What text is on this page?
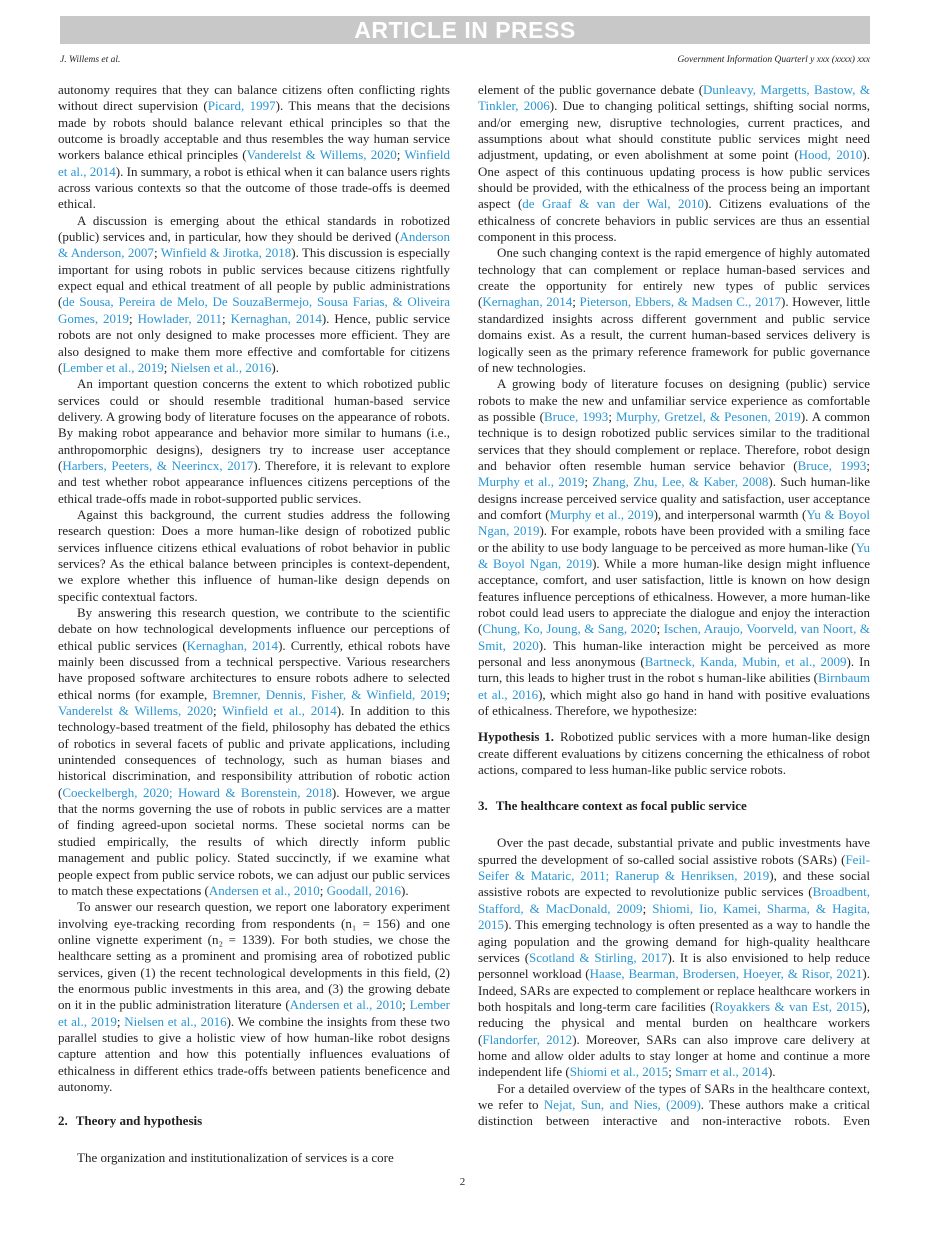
ARTICLE IN PRESS
J. Willems et al.	Government Information Quarterl y xxx (xxxx) xxx

autonomy requires that they can balance citizens often conflicting rights without direct supervision (Picard, 1997). This means that the decisions made by robots should balance relevant ethical principles so that the outcome is broadly acceptable and thus resembles the way human service workers balance ethical principles (Vanderelst & Willems, 2020; Winfield et al., 2014). In summary, a robot is ethical when it can balance users rights across various contexts so that the outcome of those trade-offs is deemed ethical.

A discussion is emerging about the ethical standards in robotized (public) services and, in particular, how they should be derived (Anderson & Anderson, 2007; Winfield & Jirotka, 2018). This discussion is especially important for using robots in public services because citizens rightfully expect equal and ethical treatment of all people by public administrations (de Sousa, Pereira de Melo, De SouzaBermejo, Sousa Farias, & Oliveira Gomes, 2019; Howlader, 2011; Kernaghan, 2014). Hence, public service robots are not only designed to make processes more efficient. They are also designed to make them more effective and comfortable for citizens (Lember et al., 2019; Nielsen et al., 2016).

An important question concerns the extent to which robotized public services could or should resemble traditional human-based service delivery. A growing body of literature focuses on the appearance of robots. By making robot appearance and behavior more similar to humans (i.e., anthropomorphic designs), designers try to increase user acceptance (Harbers, Peeters, & Neerincx, 2017). Therefore, it is relevant to explore and test whether robot appearance influences citizens perceptions of the ethical trade-offs made in robot-supported public services.

Against this background, the current studies address the following research question: Does a more human-like design of robotized public services influence citizens ethical evaluations of robot behavior in public services? As the ethical balance between principles is context-dependent, we explore whether this influence of human-like design depends on specific contextual factors.

By answering this research question, we contribute to the scientific debate on how technological developments influence our perceptions of ethical public services (Kernaghan, 2014). Currently, ethical robots have mainly been discussed from a technical perspective. Various researchers have proposed software architectures to ensure robots adhere to selected ethical norms (for example, Bremner, Dennis, Fisher, & Winfield, 2019; Vanderelst & Willems, 2020; Winfield et al., 2014). In addition to this technology-based treatment of the field, philosophy has debated the ethics of robotics in several facets of public and private applications, including unintended consequences of technology, such as human biases and historical discrimination, and responsibility attribution of robotic action (Coeckelbergh, 2020; Howard & Borenstein, 2018). However, we argue that the norms governing the use of robots in public services are a matter of finding agreed-upon societal norms. These societal norms can be studied empirically, the results of which directly inform public management and public policy. Stated succinctly, if we examine what people expect from public service robots, we can adjust our public services to match these expectations (Andersen et al., 2010; Goodall, 2016).

To answer our research question, we report one laboratory experiment involving eye-tracking recording from respondents (n₁ = 156) and one online vignette experiment (n₂ = 1339). For both studies, we chose the healthcare setting as a prominent and promising area of robotized public services, given (1) the recent technological developments in this field, (2) the enormous public investments in this area, and (3) the growing debate on it in the public administration literature (Andersen et al., 2010; Lember et al., 2019; Nielsen et al., 2016). We combine the insights from these two parallel studies to give a holistic view of how human-like robot designs capture attention and how this potentially influences evaluations of ethicalness in different ethics trade-offs between patients beneficence and autonomy.

2. Theory and hypothesis

The organization and institutionalization of services is a core

element of the public governance debate (Dunleavy, Margetts, Bastow, & Tinkler, 2006). Due to changing political settings, shifting social norms, and/or emerging new, disruptive technologies, current practices, and assumptions about what should constitute public services might need adjustment, updating, or even abolishment at some point (Hood, 2010). One aspect of this continuous updating process is how public services should be provided, with the ethicalness of the process being an important aspect (de Graaf & van der Wal, 2010). Citizens evaluations of the ethicalness of concrete behaviors in public services are thus an essential component in this process.

One such changing context is the rapid emergence of highly automated technology that can complement or replace human-based services and create the opportunity for entirely new types of public services (Kernaghan, 2014; Pieterson, Ebbers, & Madsen C., 2017). However, little standardized insights across different government and public service domains exist. As a result, the current human-based services delivery is logically seen as the primary reference framework for public governance of new technologies.

A growing body of literature focuses on designing (public) service robots to make the new and unfamiliar service experience as comfortable as possible (Bruce, 1993; Murphy, Gretzel, & Pesonen, 2019). A common technique is to design robotized public services similar to the traditional services that they should complement or replace. Therefore, robot design and behavior often resemble human service behavior (Bruce, 1993; Murphy et al., 2019; Zhang, Zhu, Lee, & Kaber, 2008). Such human-like designs increase perceived service quality and satisfaction, user acceptance and comfort (Murphy et al., 2019), and interpersonal warmth (Yu & Boyol Ngan, 2019). For example, robots have been provided with a smiling face or the ability to use body language to be perceived as more human-like (Yu & Boyol Ngan, 2019). While a more human-like design might influence acceptance, comfort, and user satisfaction, little is known on how design features influence perceptions of ethicalness. However, a more human-like robot could lead users to appreciate the dialogue and enjoy the interaction (Chung, Ko, Joung, & Sang, 2020; Ischen, Araujo, Voorveld, van Noort, & Smit, 2020). This human-like interaction might be perceived as more personal and less anonymous (Bartneck, Kanda, Mubin, et al., 2009). In turn, this leads to higher trust in the robot s human-like abilities (Birnbaum et al., 2016), which might also go hand in hand with positive evaluations of ethicalness. Therefore, we hypothesize:

Hypothesis 1. Robotized public services with a more human-like design create different evaluations by citizens concerning the ethicalness of robot actions, compared to less human-like public service robots.

3. The healthcare context as focal public service

Over the past decade, substantial private and public investments have spurred the development of so-called social assistive robots (SARs) (Feil-Seifer & Mataric, 2011; Ranerup & Henriksen, 2019), and these social assistive robots are expected to revolutionize public services (Broadbent, Stafford, & MacDonald, 2009; Shiomi, Iio, Kamei, Sharma, & Hagita, 2015). This emerging technology is often presented as a way to handle the aging population and the growing demand for high-quality healthcare services (Scotland & Stirling, 2017). It is also envisioned to help reduce personnel workload (Haase, Bearman, Brodersen, Hoeyer, & Risor, 2021). Indeed, SARs are expected to complement or replace healthcare workers in both hospitals and long-term care facilities (Royakkers & van Est, 2015), reducing the physical and mental burden on healthcare workers (Flandorfer, 2012). Moreover, SARs can also improve care delivery at home and allow older adults to stay longer at home and continue a more independent life (Shiomi et al., 2015; Smarr et al., 2014).

For a detailed overview of the types of SARs in the healthcare context, we refer to Nejat, Sun, and Nies, (2009). These authors make a critical distinction between interactive and non-interactive robots. Even

2
